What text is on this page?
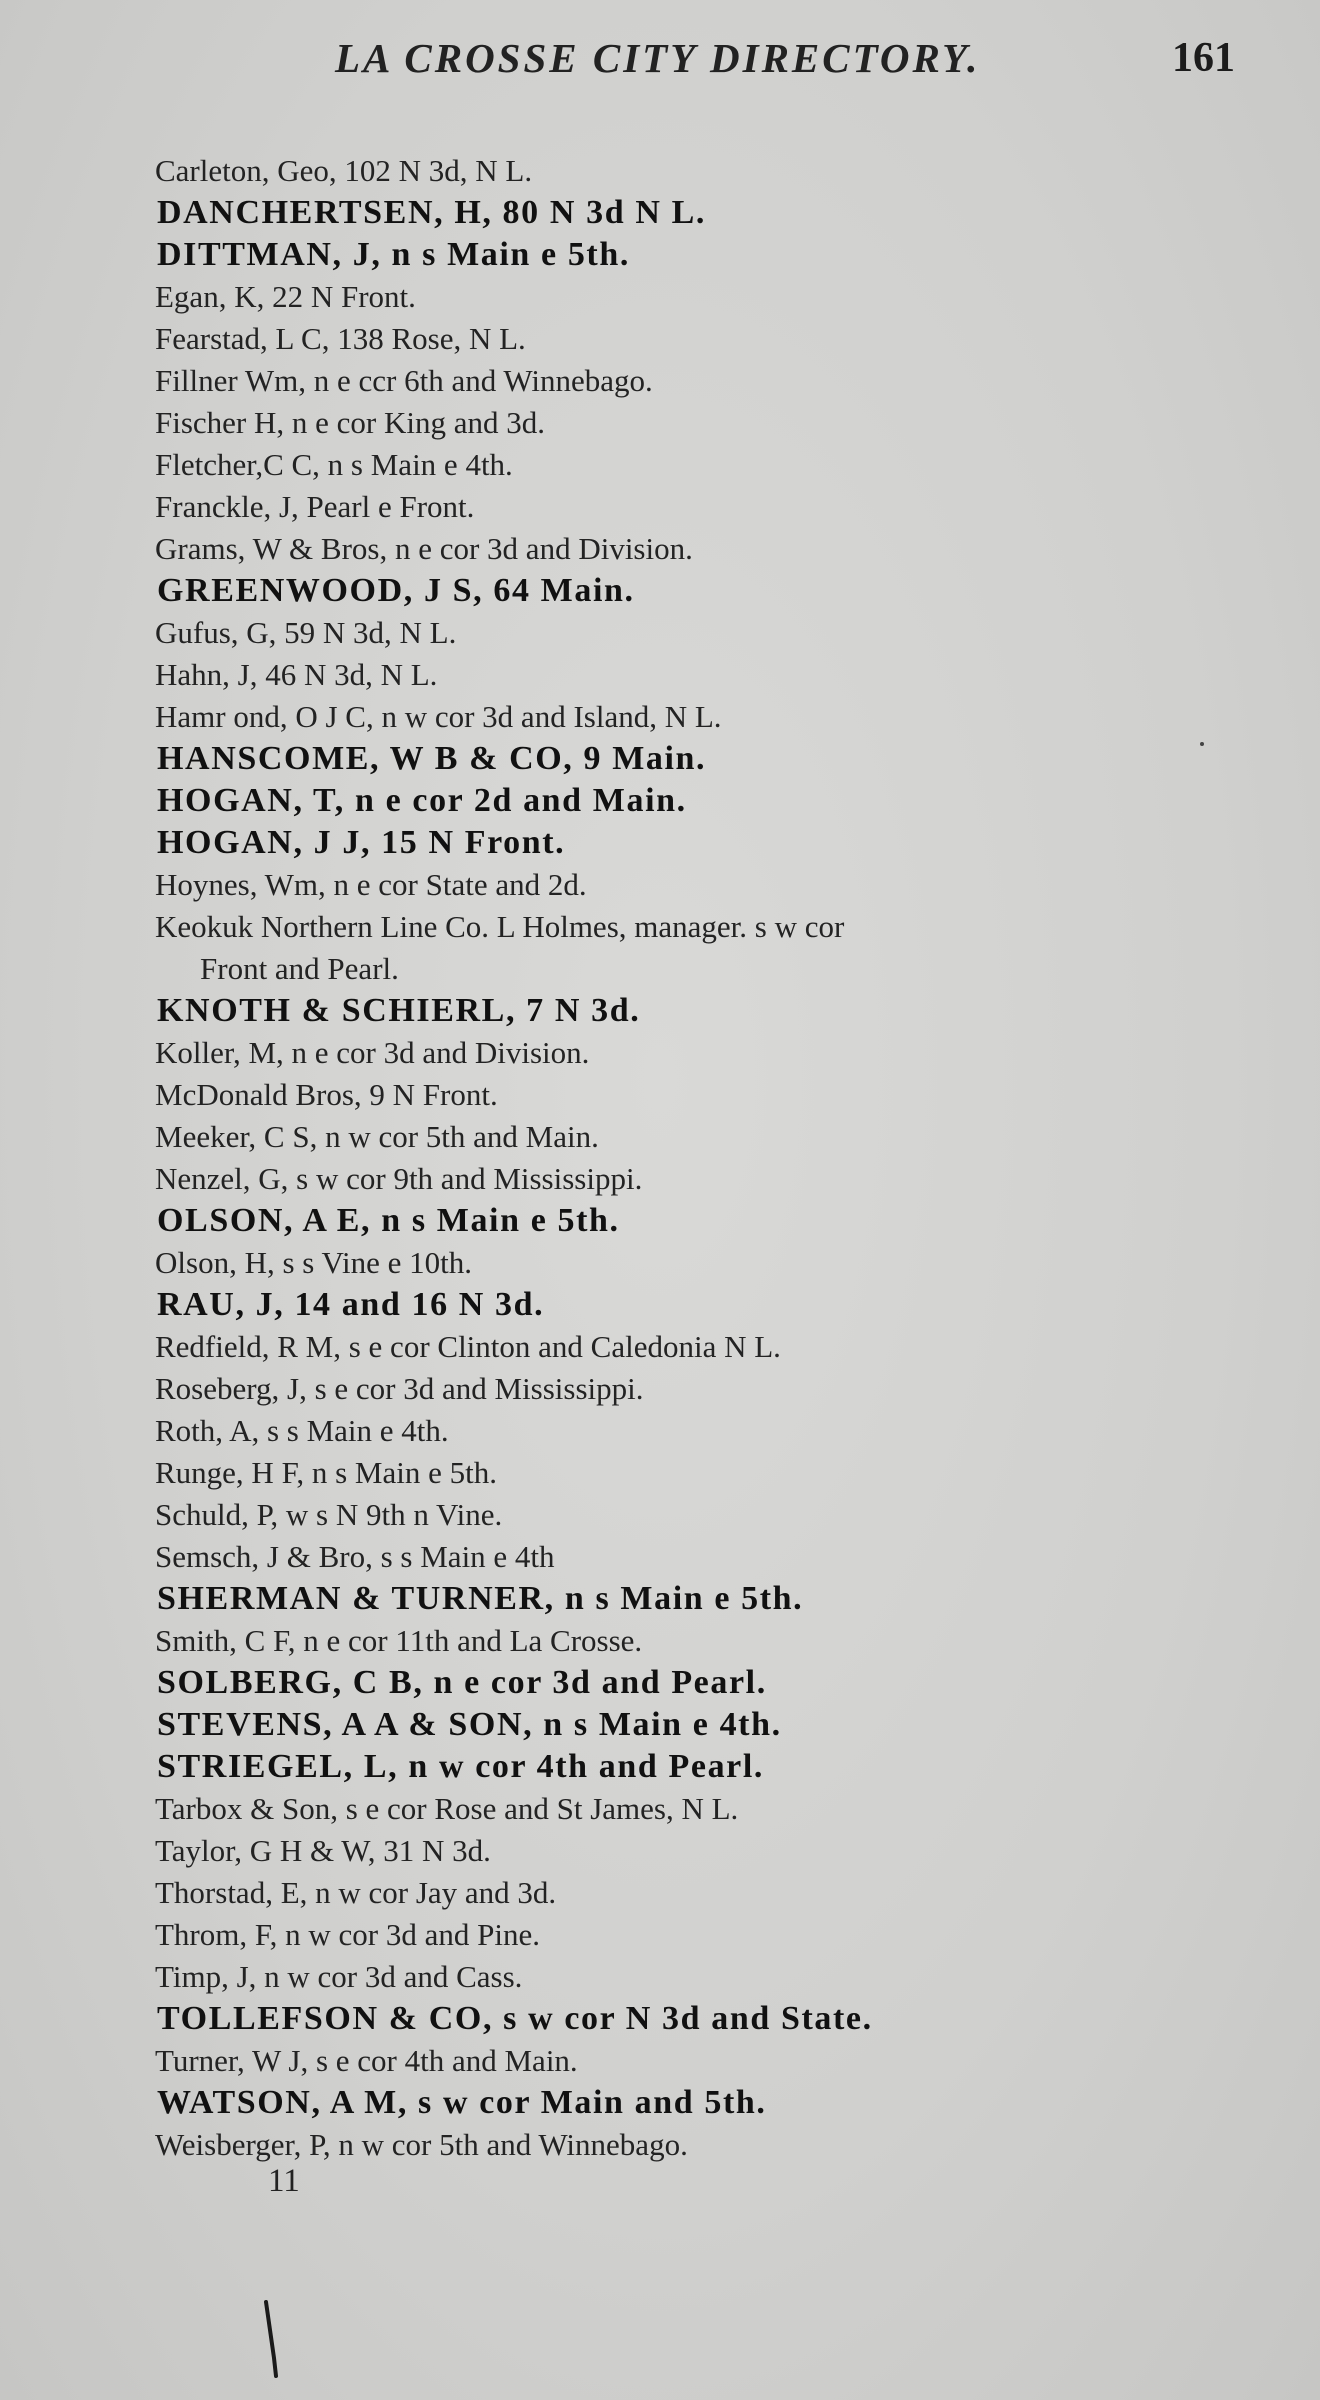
LA CROSSE CITY DIRECTORY.	161
Carleton, Geo, 102 N 3d, N L.
DANCHERTSEN, H, 80 N 3d N L.
DITTMAN, J, n s Main e 5th.
Egan, K, 22 N Front.
Fearstad, L C, 138 Rose, N L.
Fillner Wm, n e ccr 6th and Winnebago.
Fischer H, n e cor King and 3d.
Fletcher,C C, n s Main e 4th.
Franckle, J, Pearl e Front.
Grams, W & Bros, n e cor 3d and Division.
GREENWOOD, J S, 64 Main.
Gufus, G, 59 N 3d, N L.
Hahn, J, 46 N 3d, N L.
Hamr ond, O J C, n w cor 3d and Island, N L.
HANSCOME, W B & CO, 9 Main.
HOGAN, T, n e cor 2d and Main.
HOGAN, J J, 15 N Front.
Hoynes, Wm, n e cor State and 2d.
Keokuk Northern Line Co. L Holmes, manager. s w cor
Front and Pearl.
KNOTH & SCHIERL, 7 N 3d.
Koller, M, n e cor 3d and Division.
McDonald Bros, 9 N Front.
Meeker, C S, n w cor 5th and Main.
Nenzel, G, s w cor 9th and Mississippi.
OLSON, A E, n s Main e 5th.
Olson, H, s s Vine e 10th.
RAU, J, 14 and 16 N 3d.
Redfield, R M, s e cor Clinton and Caledonia N L.
Roseberg, J, s e cor 3d and Mississippi.
Roth, A, s s Main e 4th.
Runge, H F, n s Main e 5th.
Schuld, P, w s N 9th n Vine.
Semsch, J & Bro, s s Main e 4th
SHERMAN & TURNER, n s Main e 5th.
Smith, C F, n e cor 11th and La Crosse.
SOLBERG, C B, n e cor 3d and Pearl.
STEVENS, A A & SON, n s Main e 4th.
STRIEGEL, L, n w cor 4th and Pearl.
Tarbox & Son, s e cor Rose and St James, N L.
Taylor, G H & W, 31 N 3d.
Thorstad, E, n w cor Jay and 3d.
Throm, F, n w cor 3d and Pine.
Timp, J, n w cor 3d and Cass.
TOLLEFSON & CO, s w cor N 3d and State.
Turner, W J, s e cor 4th and Main.
WATSON, A M, s w cor Main and 5th.
Weisberger, P, n w cor 5th and Winnebago.
11
